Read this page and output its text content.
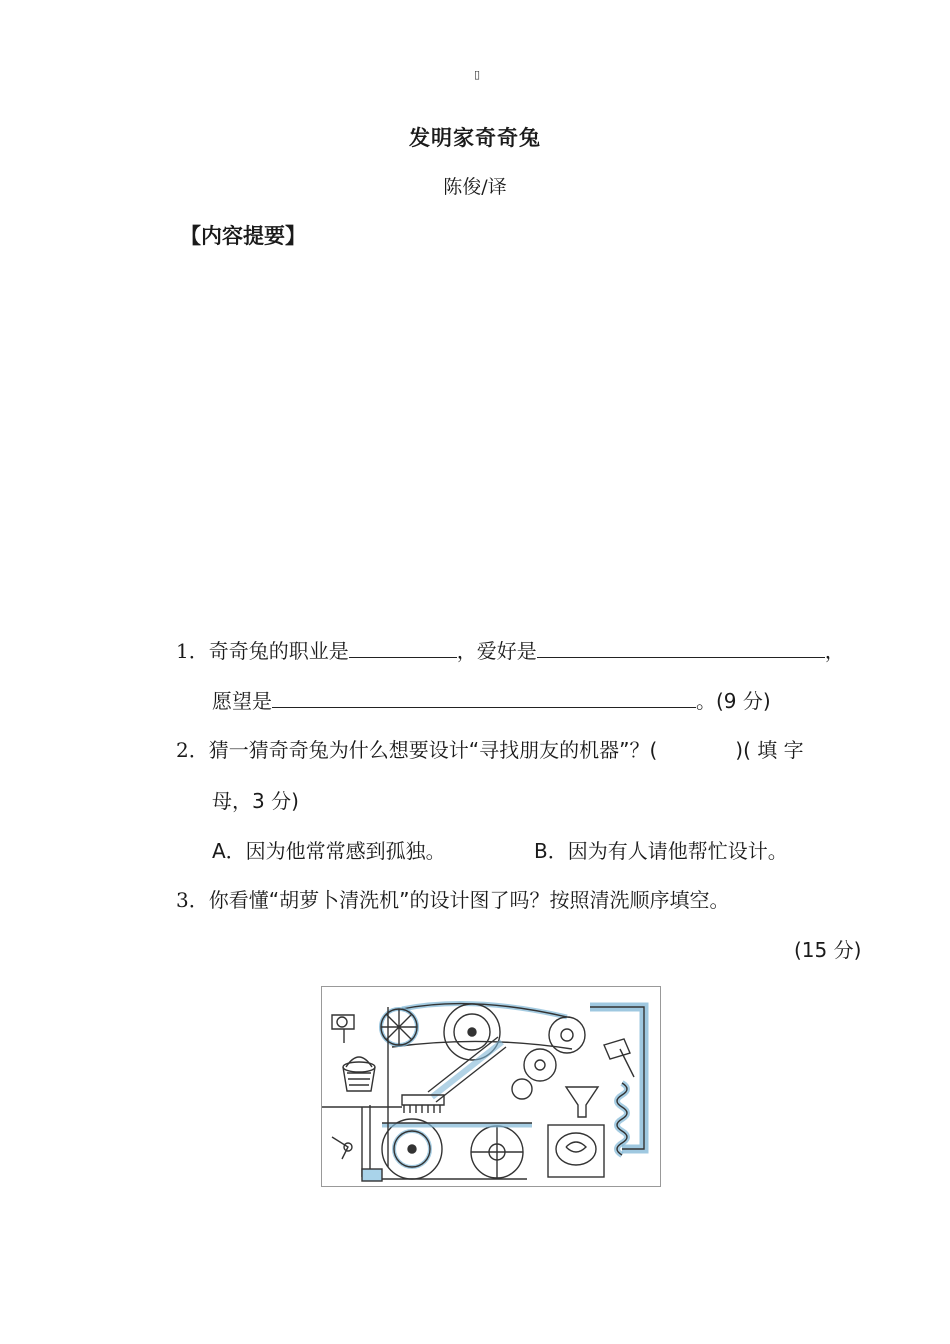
▯
发明家奇奇兔
陈俊/译
【内容提要】
1．奇奇兔的职业是	，爱好是	，
愿望是	。(9 分)
2．猜一猜奇奇兔为什么想要设计“寻找朋友的机器”？(	)( 填 字
母，3 分)
A．因为他常常感到孤独。	B．因为有人请他帮忙设计。
3．你看懂“胡萝卜清洗机”的设计图了吗？按照清洗顺序填空。
(15 分)
